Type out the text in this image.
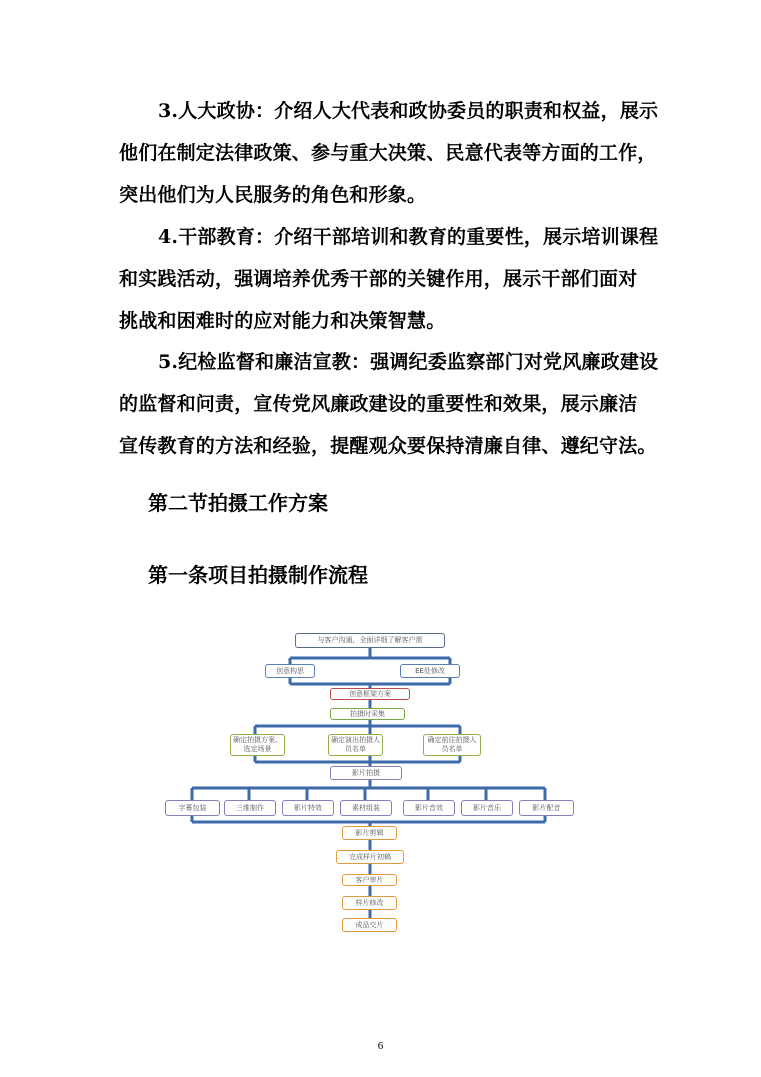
3.人大政协：介绍人大代表和政协委员的职责和权益，展示
他们在制定法律政策、参与重大决策、民意代表等方面的工作，
突出他们为人民服务的角色和形象。
4.干部教育：介绍干部培训和教育的重要性，展示培训课程
和实践活动，强调培养优秀干部的关键作用，展示干部们面对
挑战和困难时的应对能力和决策智慧。
5.纪检监督和廉洁宣教：强调纪委监察部门对党风廉政建设
的监督和问责，宣传党风廉政建设的重要性和效果，展示廉洁
宣传教育的方法和经验，提醒观众要保持清廉自律、遵纪守法。
第二节拍摄工作方案
第一条项目拍摄制作流程
与客户沟通，全面详细了解客户需
创意构思	EE处修改
创意框架方案
拍摄时采集
确定拍摄方案、选定场景
确定演出拍摄人员名单
确定前往拍摄人员名单
影片拍摄
字幕包装	三维制作	影片特效	素材组装	影片音效	影片音乐	影片配音
影片剪辑
完成样片初稿
客户审片
样片修改
成品交片
6
